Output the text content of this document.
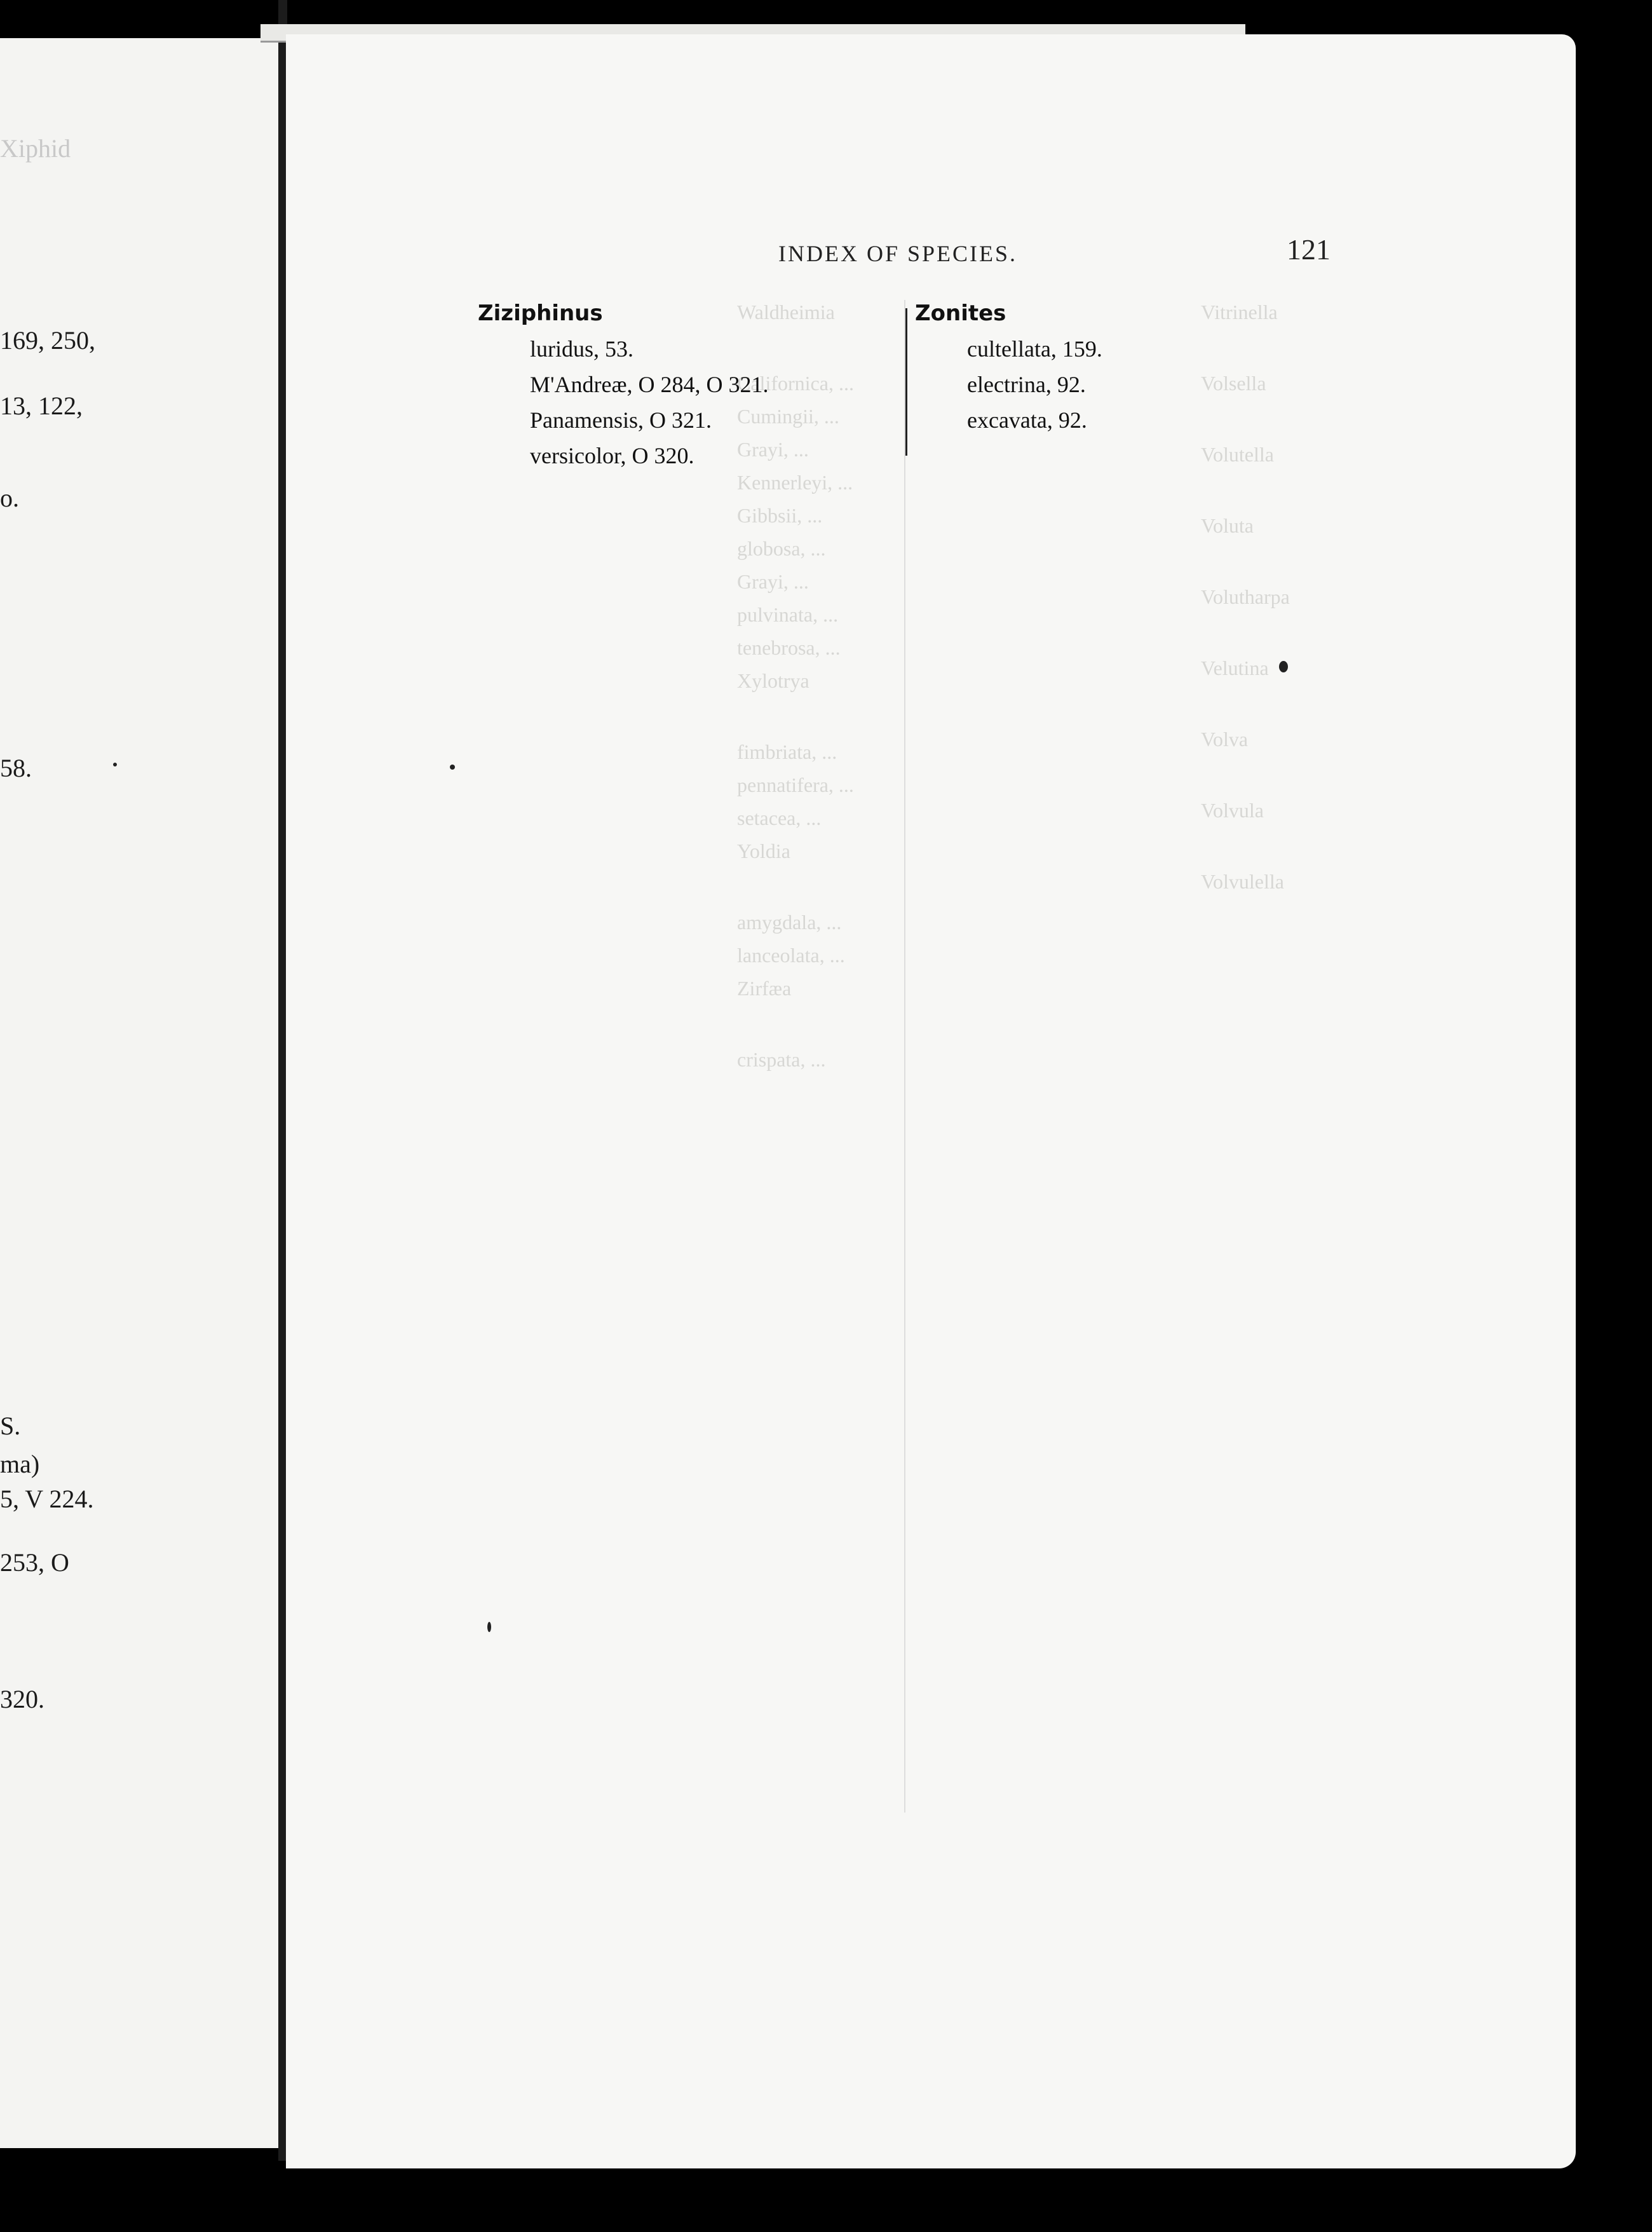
Xiphid
169, 250,
13, 122,
o.
58.
S.
ma)
5, V 224.
253, O
320.
Waldheimia
Californica, ...
Cumingii, ...
Grayi, ...
Kennerleyi, ...
Gibbsii, ...
globosa, ...
Grayi, ...
pulvinata, ...
tenebrosa, ...
Xylotrya
fimbriata, ...
pennatifera, ...
setacea, ...
Yoldia
amygdala, ...
lanceolata, ...
Zirfæa
crispata, ...
Vitrinella
Volsella
Volutella
Voluta
Volutharpa
Velutina
Volva
Volvula
Volvulella
INDEX OF SPECIES.	121
Ziziphinus
luridus, 53.
M'Andreæ, O 284, O 321.
Panamensis, O 321.
versicolor, O 320.
Zonites
cultellata, 159.
electrina, 92.
excavata, 92.
